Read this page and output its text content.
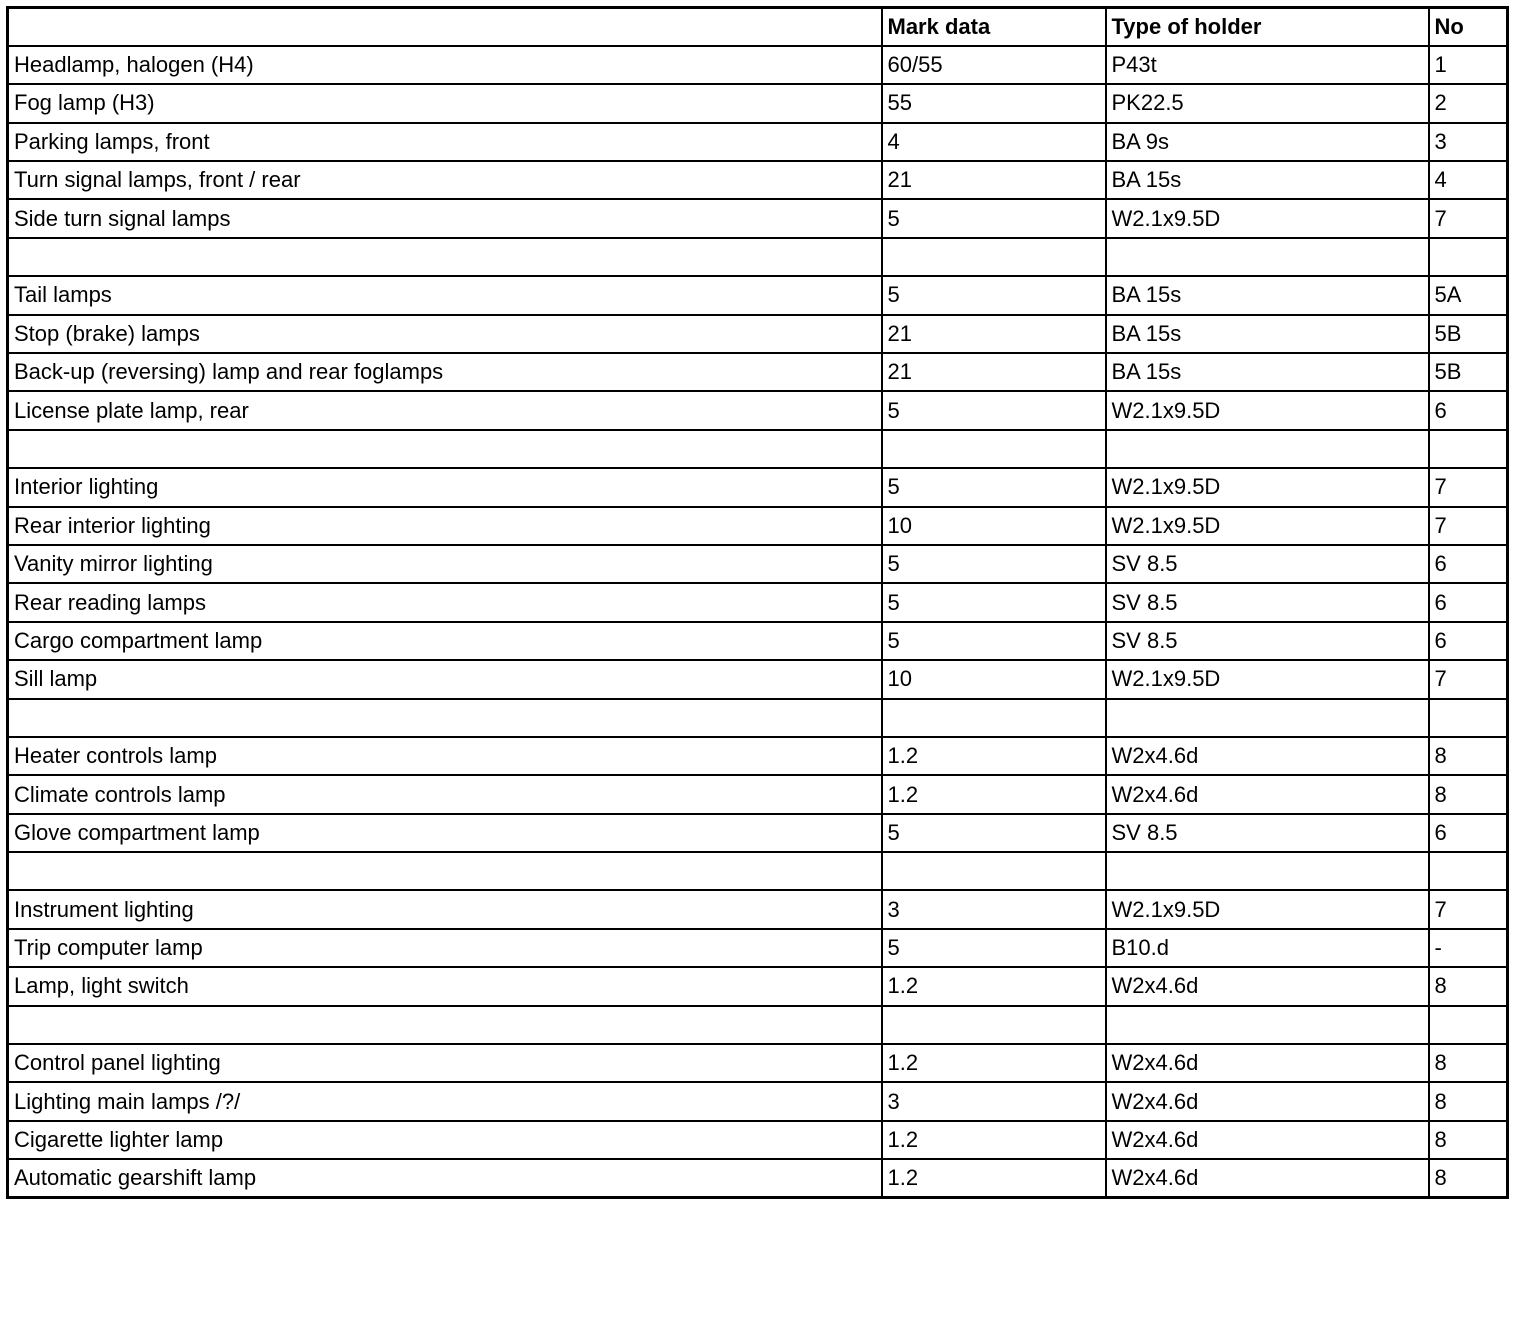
	Mark data	Type of holder	No
Headlamp, halogen (H4)	60/55	P43t	1
Fog lamp (H3)	55	PK22.5	2
Parking lamps, front	4	BA 9s	3
Turn signal lamps, front / rear	21	BA 15s	4
Side turn signal lamps	5	W2.1x9.5D	7

Tail lamps	5	BA 15s	5A
Stop (brake) lamps	21	BA 15s	5B
Back-up (reversing) lamp and rear foglamps	21	BA 15s	5B
License plate lamp, rear	5	W2.1x9.5D	6

Interior lighting	5	W2.1x9.5D	7
Rear interior lighting	10	W2.1x9.5D	7
Vanity mirror lighting	5	SV 8.5	6
Rear reading lamps	5	SV 8.5	6
Cargo compartment lamp	5	SV 8.5	6
Sill lamp	10	W2.1x9.5D	7

Heater controls lamp	1.2	W2x4.6d	8
Climate controls lamp	1.2	W2x4.6d	8
Glove compartment lamp	5	SV 8.5	6

Instrument lighting	3	W2.1x9.5D	7
Trip computer lamp	5	B10.d	-
Lamp, light switch	1.2	W2x4.6d	8

Control panel lighting	1.2	W2x4.6d	8
Lighting main lamps /?/	3	W2x4.6d	8
Cigarette lighter lamp	1.2	W2x4.6d	8
Automatic gearshift lamp	1.2	W2x4.6d	8
